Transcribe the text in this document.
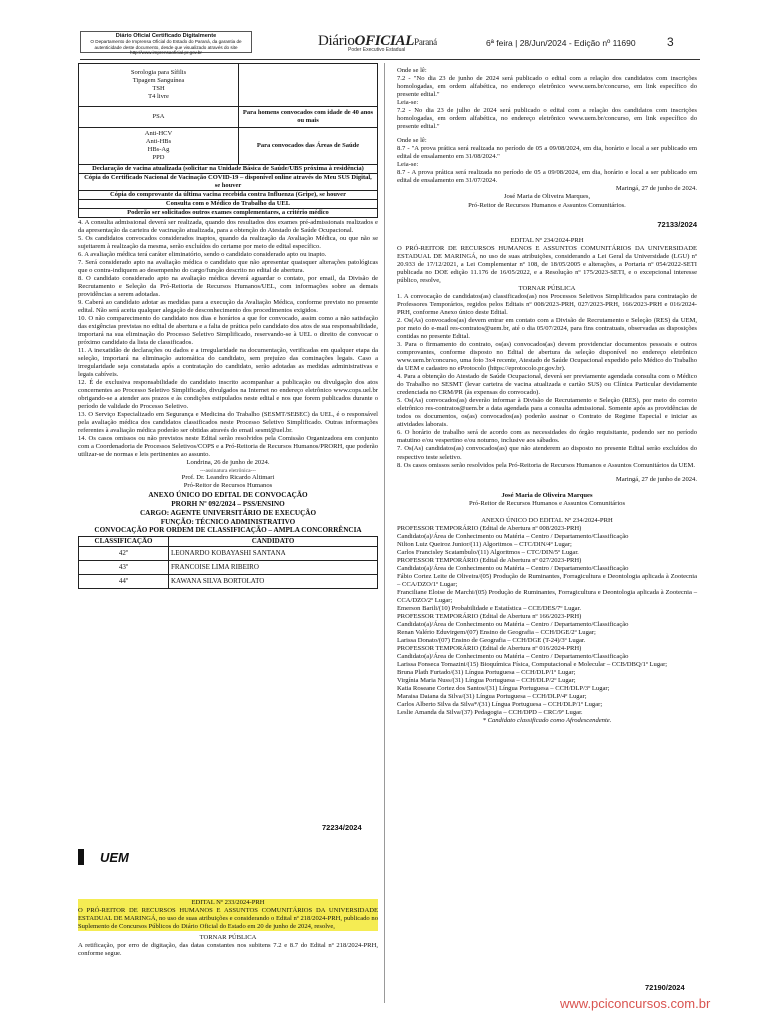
Diário Oficial Certificado Digitalmente
O Departamento de Imprensa Oficial do Estado do Paraná, da garantia de autenticidade deste documento, desde que visualizado através do site http://www.imprensaoficial.pr.gov.br
DiárioOFICIALParaná
Poder Executivo Estadual
6ª feira | 28/Jun/2024 - Edição nº 11690	3
Sorologia para Sífilis
Tipagem Sanguínea
TSH
T4 livre	
PSA	Para homens convocados com idade de 40 anos ou mais
Anti-HCV
Anti-HBs
HBs-Ag
PPD	Para convocados das Áreas de Saúde
Declaração de vacina atualizada (solicitar na Unidade Básica de Saúde/UBS próxima à residência)	
Cópia do Certificado Nacional de Vacinação COVID-19 – disponível online através do Meu SUS Digital, se houver	
Cópia do comprovante da última vacina recebida contra Influenza (Gripe), se houver	
Consulta com o Médico do Trabalho da UEL	
Poderão ser solicitados outros exames complementares, a critério médico	

4. A consulta admissional deverá ser realizada, quando dos resultados dos exames pré-admissionais realizados e da apresentação da carteira de vacinação atualizada, para a obtenção do Atestado de Saúde Ocupacional.

5. Os candidatos convocados considerados inaptos, quando da realização da Avaliação Médica, ou que não se sujeitarem à realização da mesma, serão excluídos do certame por meio de edital específico.

6. A avaliação médica terá caráter eliminatório, sendo o candidato considerado apto ou inapto.

7. Será considerado apto na avaliação médica o candidato que não apresentar quaisquer alterações patológicas que o contra-indiquem ao desempenho do cargo/função descrito no edital de abertura.

8. O candidato considerado apto na avaliação médica deverá aguardar o contato, por email, da Divisão de Recrutamento e Seleção da Pró-Reitoria de Recursos Humanos/UEL, com informações sobre as demais providências a serem adotadas.

9. Caberá ao candidato adotar as medidas para a execução da Avaliação Médica, conforme previsto no presente edital. Não será aceita qualquer alegação de desconhecimento dos procedimentos exigidos.

10. O não comparecimento do candidato nos dias e horários a que for convocado, assim como a não satisfação das exigências previstas no edital de abertura e a falta de prática pelo candidato dos atos de sua responsabilidade, importará na sua eliminação do Processo Seletivo Simplificado, reservando-se à UEL o direito de convocar o próximo candidato da lista de classificados.

11. A inexatidão de declarações ou dados e a irregularidade na documentação, verificadas em qualquer etapa da seleção, importará na eliminação automática do candidato, sem prejuízo das cominações legais. Caso a irregularidade seja constatada após a contratação do candidato, serão adotadas as medidas administrativas e legais cabíveis.

12. É de exclusiva responsabilidade do candidato inscrito acompanhar a publicação ou divulgação dos atos concernentes ao Processo Seletivo Simplificado, divulgados na Internet no endereço eletrônico www.cops.uel.br obrigando-se a atender aos prazos e às condições estipulados neste edital e nos que forem publicados durante o período de validade do Processo Seletivo.

13. O Serviço Especializado em Segurança e Medicina do Trabalho (SESMT/SEBEC) da UEL, é o responsável pela avaliação médica dos candidatos classificados neste Processo Seletivo Simplificado. Outras informações referentes à avaliação médica poderão ser obtidas através do email sesmt@uel.br.

14. Os casos omissos ou não previstos neste Edital serão resolvidos pela Comissão Organizadora em conjunto com a Coordenadoria de Processos Seletivos/COPS e a Pró-Reitoria de Recursos Humanos/PRORH, que poderão utilizar-se de normas e leis pertinentes ao assunto.

Londrina, 26 de junho de 2024.

---assinatura eletrônica---

Prof. Dr. Leandro Ricardo Altimari

Pró-Reitor de Recursos Humanos

ANEXO ÚNICO DO EDITAL DE CONVOCAÇÃO

PRORH Nº 092/2024 – PSS/ENSINO

CARGO: AGENTE UNIVERSITÁRIO DE EXECUÇÃO

FUNÇÃO: TÉCNICO ADMINISTRATIVO

CONVOCAÇÃO POR ORDEM DE CLASSIFICAÇÃO – AMPLA CONCORRÊNCIA

CLASSIFICAÇÃO	CANDIDATO
42º	LEONARDO KOBAYASHI SANTANA
43º	FRANCOISE LIMA RIBEIRO
44º	KAWANA SILVA BORTOLATO
72234/2024
UEM

EDITAL Nº 233/2024-PRH

O PRÓ-REITOR DE RECURSOS HUMANOS E ASSUNTOS COMUNITÁRIOS DA UNIVERSIDADE ESTADUAL DE MARINGÁ, no uso de suas atribuições e considerando o Edital nº 218/2024-PRH, publicado no Suplemento de Concursos Públicos do Diário Oficial do Estado em 20 de junho de 2024, resolve,

TORNAR PÚBLICA

A retificação, por erro de digitação, das datas constantes nos subitens 7.2 e 8.7 do Edital nº 218/2024-PRH, conforme segue.

Onde se lê:

7.2 - "No dia 23 de junho de 2024 será publicado o edital com a relação dos candidatos com inscrições homologadas, em ordem alfabética, no endereço eletrônico www.uem.br/concurso, em link específico do presente edital."

Leia-se:

7.2 - No dia 23 de julho de 2024 será publicado o edital com a relação dos candidatos com inscrições homologadas, em ordem alfabética, no endereço eletrônico www.uem.br/concurso, em link específico do presente edital."

Onde se lê:

8.7 - "A prova prática será realizada no período de 05 a 09/08/2024, em dia, horário e local a ser publicado em edital de ensalamento em 31/08/2024."

Leia-se:

8.7 - A prova prática será realizada no período de 05 a 09/08/2024, em dia, horário e local a ser publicado em edital de ensalamento em 31/07/2024.

Maringá, 27 de junho de 2024.

José Maria de Oliveira Marques,

Pró-Reitor de Recursos Humanos e Assuntos Comunitários.

72133/2024

EDITAL Nº 234/2024-PRH

O PRÓ-REITOR DE RECURSOS HUMANOS E ASSUNTOS COMUNITÁRIOS DA UNIVERSIDADE ESTADUAL DE MARINGÁ, no uso de suas atribuições, considerando a Lei Geral da Universidade (LGU) nº 20.933 de 17/12/2021, a Lei Complementar nº 108, de 18/05/2005 e alterações, a Portaria nº 054/2022-SETI publicada no DOE edição 11.176 de 16/05/2022, e a Resolução nº 175/2023-SETI, e o excepcional interesse público, resolve,

TORNAR PÚBLICA

1. A convocação de candidatos(as) classificados(as) nos Processos Seletivos Simplificados para contratação de Professores Temporários, regidos pelos Editais nº 008/2023-PRH, 027/2023-PRH, 166/2023-PRH e 016/2024-PRH, conforme Anexo único deste Edital.

2. Os(As) convocados(as) devem entrar em contato com a Divisão de Recrutamento e Seleção (RES) da UEM, por meio do e-mail res-contratos@uem.br, até o dia 05/07/2024, para fins contratuais, observadas as disposições contidas no presente Edital.

3. Para o firmamento do contrato, os(as) convocados(as) devem providenciar documentos pessoais e outros comprovantes, conforme disposto no Edital de abertura da seleção disponível no endereço eletrônico www.uem.br/concurso, uma foto 3x4 recente, Atestado de Saúde Ocupacional expedido pelo Médico do Trabalho da UEM e cadastro no eProtocolo (https://eprotocolo.pr.gov.br).

4. Para a obtenção do Atestado de Saúde Ocupacional, deverá ser previamente agendada consulta com o Médico do Trabalho no SESMT (levar carteira de vacina atualizada e cartão SUS) ou Clínica Particular devidamente credenciada no CRM/PR (às expensas do convocado).

5. Os(As) convocados(as) deverão informar à Divisão de Recrutamento e Seleção (RES), por meio do correio eletrônico res-contratos@uem.br a data agendada para a consulta admissional. Somente após as providências de todos os documentos, os(as) convocados(as) poderão assinar o Contrato de Regime Especial e iniciar as atividades laborais.

6. O horário de trabalho será de acordo com as necessidades do órgão requisitante, podendo ser no período matutino e/ou vespertino e/ou noturno, inclusive aos sábados.

7. Os(As) candidatos(as) convocados(as) que não atenderem ao disposto no presente Edital serão excluídos do respectivo teste seletivo.

8. Os casos omissos serão resolvidos pela Pró-Reitoria de Recursos Humanos e Assuntos Comunitários da UEM.

Maringá, 27 de junho de 2024.

José Maria de Oliveira Marques

Pró-Reitor de Recursos Humanos e Assuntos Comunitários

ANEXO ÚNICO DO EDITAL Nº 234/2024-PRH

PROFESSOR TEMPORÁRIO (Edital de Abertura nº 008/2023-PRH)

Candidato(a)/Área de Conhecimento ou Matéria – Centro / Departamento/Classificação

Nilton Luiz Queiroz Junior/(11) Algoritmos – CTC/DIN/4º Lugar;

Carlos Francisley Scatambulo/(11) Algoritmos – CTC/DIN/5º Lugar.

PROFESSOR TEMPORÁRIO (Edital de Abertura nº 027/2023-PRH)

Candidato(a)/Área de Conhecimento ou Matéria – Centro / Departamento/Classificação

Fábio Cortez Leite de Oliveira/(05) Produção de Ruminantes, Forragicultura e Deontologia aplicada à Zootecnia – CCA/DZO/1º Lugar;

Franciliane Eloise de Marchi/(05) Produção de Ruminantes, Forragicultura e Deontologia aplicada à Zootecnia – CCA/DZO/2º Lugar;

Emerson Barili/(10) Probabilidade e Estatística – CCE/DES/7º Lugar.

PROFESSOR TEMPORÁRIO (Edital de Abertura nº 166/2023-PRH)

Candidato(a)/Área de Conhecimento ou Matéria – Centro / Departamento/Classificação

Renan Valério Eduvirgem/(07) Ensino de Geografia – CCH/DGE/2º Lugar;

Larissa Donato/(07) Ensino de Geografia – CCH/DGE (T-24)/3º Lugar.

PROFESSOR TEMPORÁRIO (Edital de Abertura nº 016/2024-PRH)

Candidato(a)/Área de Conhecimento ou Matéria – Centro / Departamento/Classificação

Larissa Fonseca Tomazini/(15) Bioquímica Física, Computacional e Molecular – CCB/DBQ/1º Lugar;

Bruna Plath Furtado/(31) Língua Portuguesa – CCH/DLP/1º Lugar;

Virgínia Maria Nuss/(31) Língua Portuguesa – CCH/DLP/2º Lugar;

Katia Roseane Cortez dos Santos/(31) Língua Portuguesa – CCH/DLP/3º Lugar;

Maraisa Daiana da Silva/(31) Língua Portuguesa – CCH/DLP/4º Lugar;

Carlos Alberto Silva da Silva*/(31) Língua Portuguesa – CCH/DLP/1º Lugar;

Leslie Amanda da Silva/(37) Pedagogia – CCH/DPD – CRC/9º Lugar.

* Candidato classificado como Afrodescendente.

72190/2024
www.pciconcursos.com.br
